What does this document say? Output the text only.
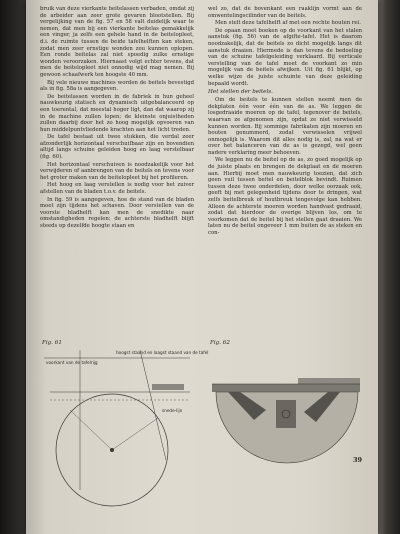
bruik van deze vierkante beitelassen verbaden, omdat zij de arbeider aan zeer grote gevaren blootstellen. Bij vergelijking van de fig. 57 en 58 valt duidelijk waar te nemen, dat men bij een vierkante beitelas gemakkelijk een vinger, ja zelfs een gehele hand in de beitelopleet, d.i. de ruimte tussen de beide tafelhelften kan steken, zodat men zeer ernstige wonden zou kunnen oplopen. Een ronde beitelas zal niet spoedig zulke ernstige wonden veroorzaken. Hiernaast volgt echter tevens, dat men de beitelopleet niet onnodig wijd mag nemen. Bij gewoon schaafwerk ten hoogste 40 mm.

Bij vele nieuwe machines worden de beitels bevestigd als in fig. 58a is aangegeven.

De beitelassen worden in de fabriek in hun geheel nauwkeurig statisch en dynamisch uitgebalanceerd op een toerental, dat meestal hoger ligt, dan dat waarop zij in de machine zullen lopen; de kleinste onjuistheden zullen daarbij door het zo hoog mogelijk opvoeren van hun middelpuntvliedende krachten aan het licht treden.

De tafel bestaat uit twee stukken, die verdal zeer afzonderlijk horizontaal verschuifbaar zijn en bovendien altijd langs schuine geleiden hoog en laag verstelbaar (fig. 60).

Het horizontaal verschuiven is noodzakelijk voor het verwijderen of aanbrengen van de beitels en tevens voor het groter maken van de beitelopleet bij het profileren.

Het hoog en laag verstellen is nodig voor het zuiver afstellen van de bladen t.o.v. de beitels.

In fig. 59 is aangegeven, hoe de stand van de bladen moet zijn tijdens het schaven. Door verstellen van de voorste bladhelft kan men de snedikte naar omstandigheden regelen; de achterste bladhelft blijft steeds op dezelfde hoogte staan en

wel zo, dat de bovenkant een raaklijn vormt aan de omwentelingscilinder van de beitels.

Men stelt deze tafelhelft af met een rechte houten rei.

De opaan moet boeken op de voorkant van het stalen aanstuk (fig. 56) van de afgifte-tafel. Het is daarom noodzakelijk, dat de beitels zo dicht mogelijk langs dit aanstuk draaien. Hiermede is dan tevens de bedoeling van de schuine tafelgeleiding verklaard. Bij verticale verstelling van de tafel moet de voorkant zo min mogelijk van de beitels afwijken. Uit fig. 61 blijkt, op welke wijze de juiste schuinte van deze geleiding bepaald wordt.

Het stellen der beitels.

Om de beitels te kunnen stellen neemt men de dekplaten één voor één van de as. We leggen de losgedraaide moeren op de tafel, tegenover de beitels, waarvan ze afgenomen zijn, opdat ze niet verwisseld kunnen worden. Bij sommige fabrikaten zijn moeren en bouten genummerd, zodat verwisselen vrijwel onmogelijk is. Waarom dit alles nodig is, zal, na wat er over het balanceren van de as is gezegd, wel geen nadere verklaring meer behoeven.

We leggen nu de beitel op de as, zo goed mogelijk op de juiste plaats en brengen de dekplaat en de moeren aan. Hierbij moet men nauwkeurig toezien, dat zich geen vuil tussen beitel en beitelblok bevindt. Ruimen tussen deze twee onderdelen, door welke oorzaak ook, geeft bij met gelegenheid tijdens door te dringen, wat zelfs beitelbreuk of houtbreuk tengevolge kan hebben. Alleen de achterste moeren worden handvast gedraaid, zodat dat hierdoor de overige blijven los, om te voorkomen dat de beitel bij het stellen gaat draaien. We laten nu de beitel ongeveer 1 mm buiten de as steken en con-

Fig. 61	Fig. 62
voorkant van de tafelrijg
hoogst staand en laagst staand van de tafel
snede-lijn
39
